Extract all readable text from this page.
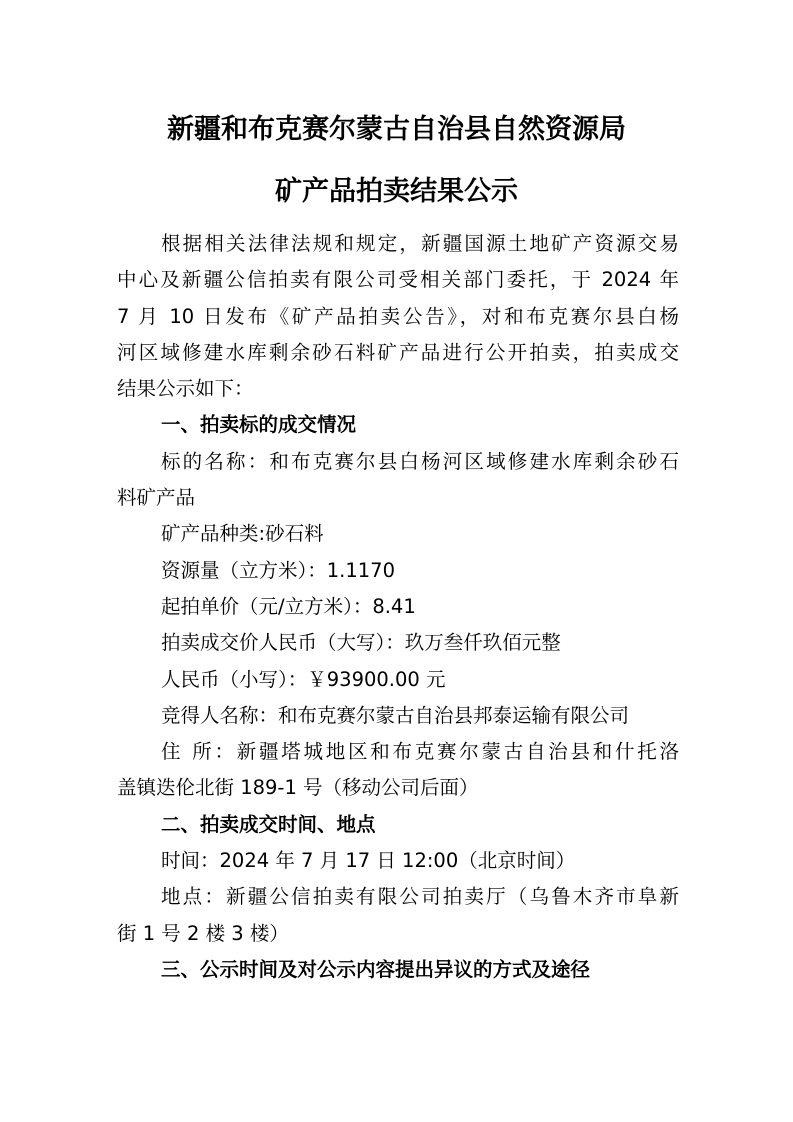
新疆和布克赛尔蒙古自治县自然资源局
矿产品拍卖结果公示
根据相关法律法规和规定，新疆国源土地矿产资源交易
中心及新疆公信拍卖有限公司受相关部门委托，于 2024 年
7 月 10 日发布《矿产品拍卖公告》，对和布克赛尔县白杨
河区域修建水库剩余砂石料矿产品进行公开拍卖，拍卖成交
结果公示如下：
一、拍卖标的成交情况
标的名称：和布克赛尔县白杨河区域修建水库剩余砂石
料矿产品
矿产品种类:砂石料
资源量（立方米）：1.1170
起拍单价（元/立方米）：8.41
拍卖成交价人民币（大写）：玖万叁仟玖佰元整
人民币（小写）：￥93900.00 元
竞得人名称：和布克赛尔蒙古自治县邦泰运输有限公司
住 所：新疆塔城地区和布克赛尔蒙古自治县和什托洛
盖镇迭伦北街 189-1 号（移动公司后面）
二、拍卖成交时间、地点
时间：2024 年 7 月 17 日 12:00（北京时间）
地点：新疆公信拍卖有限公司拍卖厅（乌鲁木齐市阜新
街 1 号 2 楼 3 楼）
三、公示时间及对公示内容提出异议的方式及途径
